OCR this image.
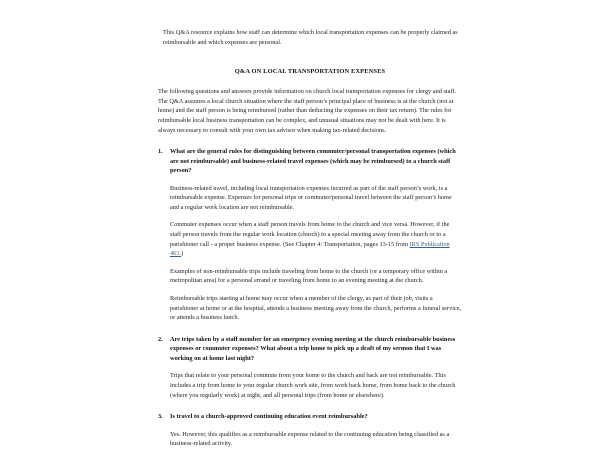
This Q&A resource explains how staff can determine which local transportation expenses can be properly claimed as reimbursable and which expenses are personal.

Q&A ON LOCAL TRANSPORTATION EXPENSES

The following questions and answers provide information on church local transportation expenses for clergy and staff. The Q&A assumes a local church situation where the staff person’s principal place of business is at the church (not at home) and the staff person is being reimbursed (rather than deducting the expenses on their tax return). The rules for reimbursable local business transportation can be complex, and unusual situations may not be dealt with here. It is always necessary to consult with your own tax advisor when making tax-related decisions.

1.	What are the general rules for distinguishing between commuter/personal transportation expenses (which are not reimbursable) and business-related travel expenses (which may be reimbursed) to a church staff person?

Business-related travel, including local transportation expenses incurred as part of the staff person’s work, is a reimbursable expense. Expenses for personal trips or commuter/personal travel between the staff person’s home and a regular work location are not reimbursable.

Commuter expenses occur when a staff person travels from home to the church and vice versa. However, if the staff person travels from the regular work location (church) to a special meeting away from the church or to a parishioner call - a proper business expense. (See Chapter 4: Transportation, pages 13-15 from IRS Publication 463.)

Examples of non-reimbursable trips include traveling from home to the church (or a temporary office within a metropolitan area) for a personal errand or traveling from home to an evening meeting at the church.

Reimbursable trips starting at home may occur when a member of the clergy, as part of their job, visits a parishioner at home or at the hospital, attends a business meeting away from the church, performs a funeral service, or attends a business lunch.

2.	Are trips taken by a staff member for an emergency evening meeting at the church reimbursable business expenses or commuter expenses? What about a trip home to pick up a draft of my sermon that I was working on at home last night?

Trips that relate to your personal commute from your home to the church and back are not reimbursable. This includes a trip from home to your regular church work site, from work back home, from home back to the church (where you regularly work) at night, and all personal trips (from home or elsewhere).

3.	Is travel to a church-approved continuing education event reimbursable?

Yes. However, this qualifies as a reimbursable expense related to the continuing education being classified as a business-related activity.
